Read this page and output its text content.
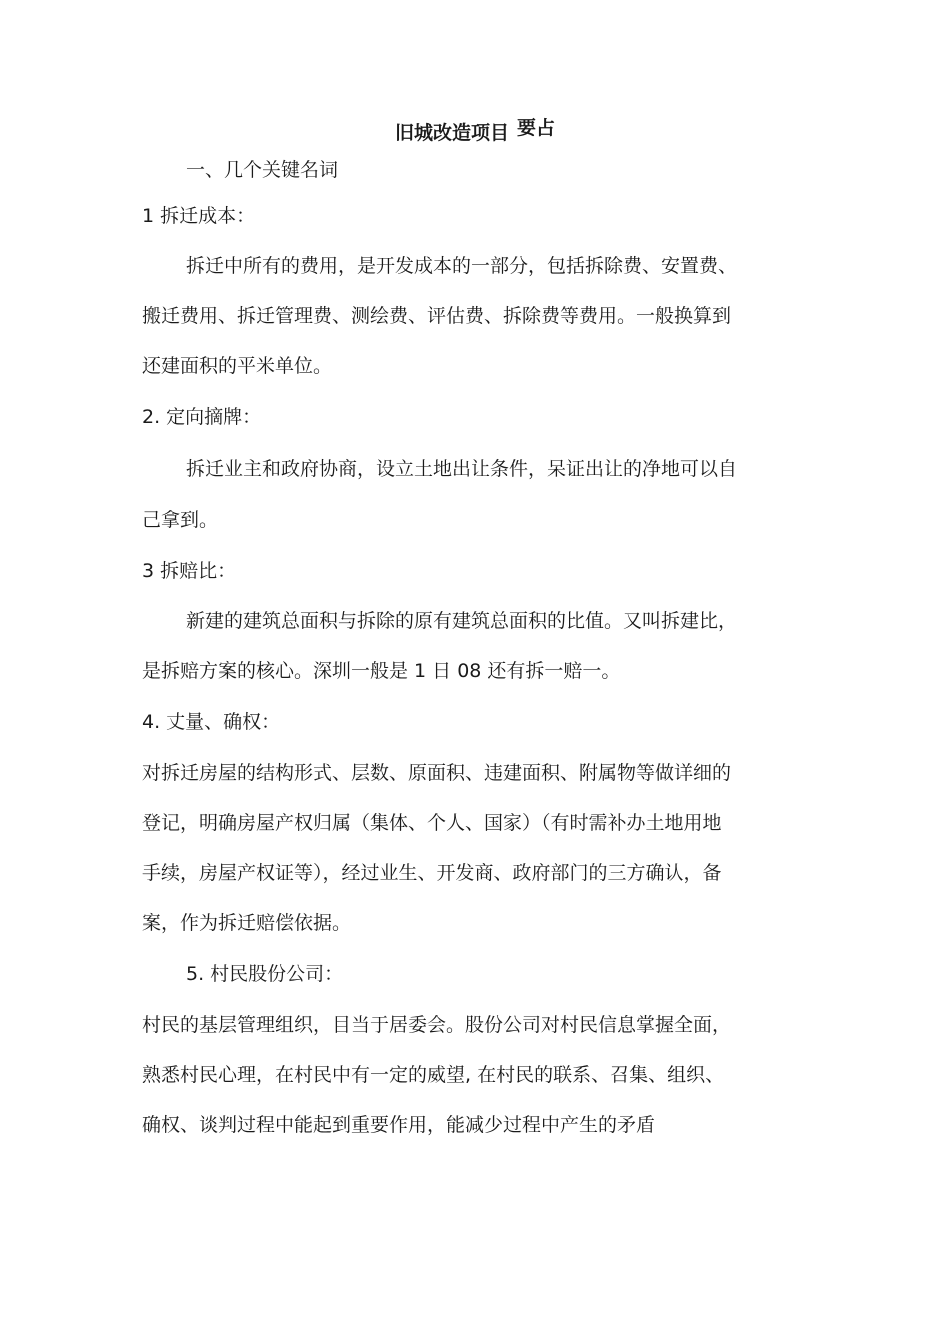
旧城改造项目 要占
一、几个关键名词
1 拆迁成本：
拆迁中所有的费用，是开发成本的一部分，包括拆除费、安置费、
搬迁费用、拆迁管理费、测绘费、评估费、拆除费等费用。一般换算到
还建面积的平米单位。
2. 定向摘牌：
拆迁业主和政府协商，设立土地出让条件，呆证出让的净地可以自
己拿到。
3 拆赔比：
新建的建筑总面积与拆除的原有建筑总面积的比值。又叫拆建比，
是拆赔方案的核心。深圳一般是 1 日 08 还有拆一赔一。
4. 丈量、确权：
对拆迁房屋的结构形式、层数、原面积、违建面积、附属物等做详细的
登记，明确房屋产权归属（集体、个人、国家）（有时需补办土地用地
手续，房屋产权证等），经过业生、开发商、政府部门的三方确认，备
案，作为拆迁赔偿依据。
5. 村民股份公司：
村民的基层管理组织，目当于居委会。股份公司对村民信息掌握全面，
熟悉村民心理，在村民中有一定的威望, 在村民的联系、召集、组织、
确权、谈判过程中能起到重要作用，能减少过程中产生的矛盾
